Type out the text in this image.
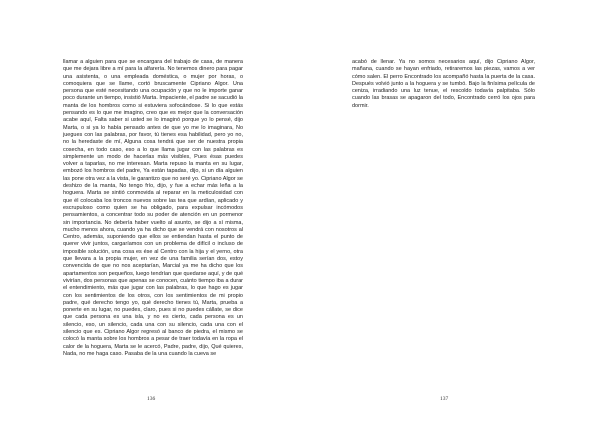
llamar a alguien para que se encargara del trabajo de casa, de manera que me dejara libre a mí para la alfarería. No tenemos dinero para pagar una asistenta, o una empleada doméstica, o mujer por horas, o comoquiera que se llame, cortó bruscamente Cipriano Algor. Una persona que esté necesitando una ocupación y que no le importe ganar poco durante un tiempo, insistió Marta. Impaciente, el padre se sacudió la manta de los hombros como si estuviera sofocándose. Si lo que estás pensando es lo que me imagino, creo que es mejor que la conversación acabe aquí, Falta saber si usted se lo imaginó porque yo lo pensé, dijo Marta, o si ya lo había pensado antes de que yo me lo imaginara, No juegues con las palabras, por favor, tú tienes esa habilidad, pero yo no, no la heredaste de mí, Alguna cosa tendrá que ser de nuestra propia cosecha, en todo caso, eso a lo que llama jugar con las palabras es simplemente un modo de hacerlas más visibles, Pues ésas puedes volver a taparlas, no me interesan. Marta repuso la manta en su lugar, embozó los hombros del padre, Ya están tapadas, dijo, si un día alguien las pone otra vez a la vista, le garantizo que no seré yo. Cipriano Algor se deshizo de la manta, No tengo frío, dijo, y fue a echar más leña a la hoguera. Marta se sintió conmovida al reparar en la meticulosidad con que él colocaba los troncos nuevos sobre las tea que ardían, aplicado y escrupuloso como quien se ha obligado, para expulsar incómodos pensamientos, a concentrar todo su poder de atención en un pormenor sin importancia. No debería haber vuelto al asunto, se dijo a sí misma, mucho menos ahora, cuando ya ha dicho que se vendrá con nosotros al Centro, además, suponiendo que ellos se entiendan hasta el punto de querer vivir juntos, cargaríamos con un problema de difícil o incluso de imposible solución, una cosa es ése al Centro con la hija y el yerno, otra que llevara a la propia mujer, en vez de una familia serían dos, estoy convencida de que no nos aceptarían, Marcial ya me ha dicho que los apartamentos son pequeños, luego tendrían que quedarse aquí, y de qué vivirían, dos personas que apenas se conocen, cuánto tiempo iba a durar el entendimiento, más que jugar con las palabras, lo que hago es jugar con los sentimientos de los otros, con los sentimientos de mi propio padre, qué derecho tengo yo, qué derecho tienes tú, Marta, prueba a ponerte en su lugar, no puedes, claro, pues si no puedes cállate, se dice que cada persona es una isla, y no es cierto, cada persona es un silencio, eso, un silencio, cada una con su silencio, cada una con el silencio que es. Cipriano Algor regresó al banco de piedra, el mismo se colocó la manta sobre los hombros a pesar de traer todavía en la ropa el calor de la hoguera, Marta se le acercó, Padre, padre, dijo, Qué quieres, Nada, no me haga caso. Pasaba de la una cuando la cueva se

136

acabó de llenar. Ya no somos necesarios aquí, dijo Cipriano Algor, mañana, cuando se hayan enfriado, retiraremos las piezas, vamos a ver cómo salen. El perro Encontrado los acompañó hasta la puerta de la casa. Después volvió junto a la hoguera y se tumbó. Bajo la finísima película de ceniza, irradiando una luz tenue, el rescoldo todavía palpitaba. Sólo cuando las brasas se apagaron del todo, Encontrado cerró los ojos para dormir.

137
